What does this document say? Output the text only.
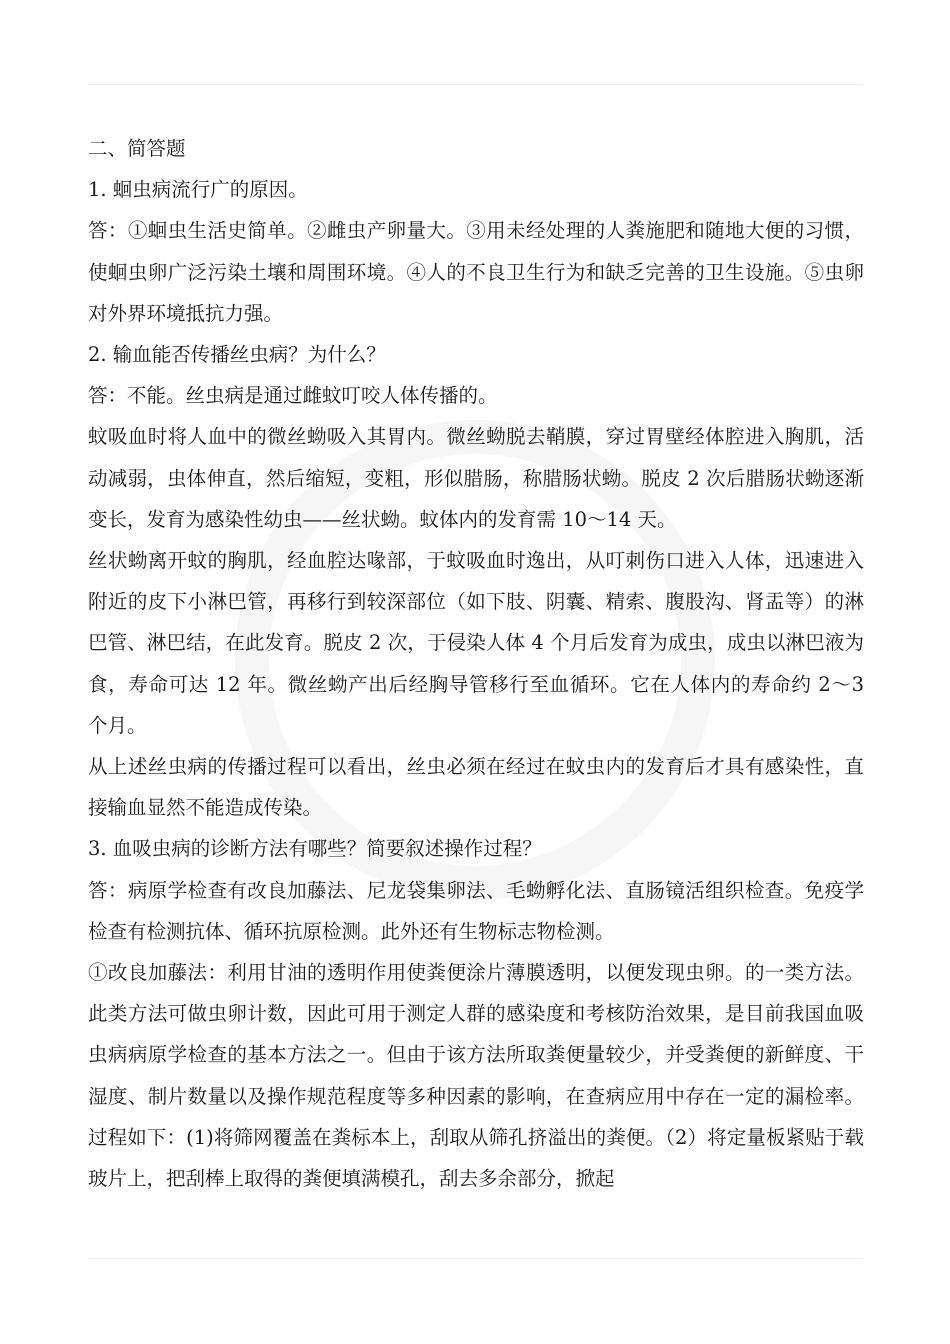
二、简答题

1. 蛔虫病流行广的原因。

答：①蛔虫生活史简单。②雌虫产卵量大。③用未经处理的人粪施肥和随地大便的习惯，使蛔虫卵广泛污染土壤和周围环境。④人的不良卫生行为和缺乏完善的卫生设施。⑤虫卵对外界环境抵抗力强。

2. 输血能否传播丝虫病？为什么？

答：不能。丝虫病是通过雌蚊叮咬人体传播的。

蚊吸血时将人血中的微丝蚴吸入其胃内。微丝蚴脱去鞘膜，穿过胃壁经体腔进入胸肌，活动减弱，虫体伸直，然后缩短，变粗，形似腊肠，称腊肠状蚴。脱皮 2 次后腊肠状蚴逐渐变长，发育为感染性幼虫——丝状蚴。蚊体内的发育需 10～14 天。

丝状蚴离开蚊的胸肌，经血腔达喙部，于蚊吸血时逸出，从叮刺伤口进入人体，迅速进入附近的皮下小淋巴管，再移行到较深部位（如下肢、阴囊、精索、腹股沟、肾盂等）的淋巴管、淋巴结，在此发育。脱皮 2 次，于侵染人体 4 个月后发育为成虫，成虫以淋巴液为食，寿命可达 12 年。微丝蚴产出后经胸导管移行至血循环。它在人体内的寿命约 2～3 个月。

从上述丝虫病的传播过程可以看出，丝虫必须在经过在蚊虫内的发育后才具有感染性，直接输血显然不能造成传染。

3. 血吸虫病的诊断方法有哪些？简要叙述操作过程？

答：病原学检查有改良加藤法、尼龙袋集卵法、毛蚴孵化法、直肠镜活组织检查。免疫学检查有检测抗体、循环抗原检测。此外还有生物标志物检测。

①改良加藤法：利用甘油的透明作用使粪便涂片薄膜透明，以便发现虫卵。的一类方法。此类方法可做虫卵计数，因此可用于测定人群的感染度和考核防治效果，是目前我国血吸虫病病原学检查的基本方法之一。但由于该方法所取粪便量较少，并受粪便的新鲜度、干湿度、制片数量以及操作规范程度等多种因素的影响，在查病应用中存在一定的漏检率。过程如下：(1)将筛网覆盖在粪标本上，刮取从筛孔挤溢出的粪便。（2）将定量板紧贴于载玻片上，把刮棒上取得的粪便填满模孔，刮去多余部分，掀起
